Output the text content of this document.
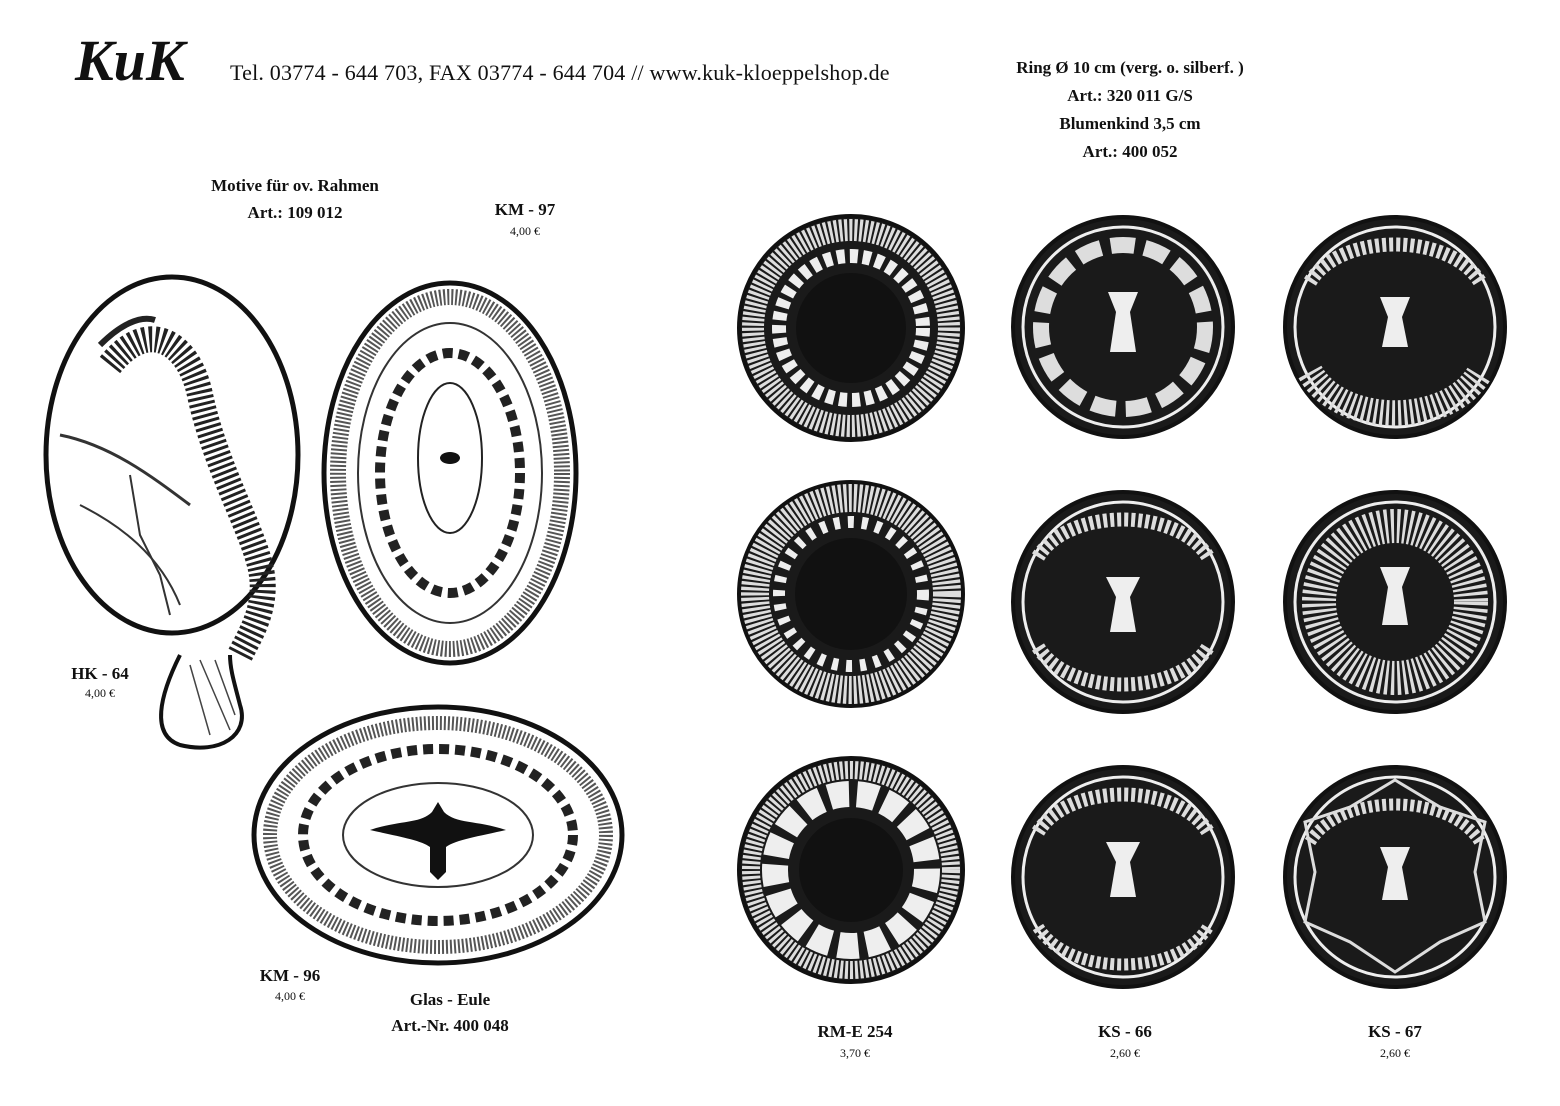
KuK Tel. 03774 - 644 703, FAX 03774 - 644 704 // www.kuk-kloeppelshop.de	Ring Ø 10 cm (verg. o. silberf. )
Art.: 320 011 G/S
Blumenkind 3,5 cm
Art.: 400 052
Motive für ov. Rahmen
Art.: 109 012	KM - 97
4,00 €
HK - 64
4,00 €
KM - 96
4,00 €	Glas - Eule
Art.-Nr. 400 048	RM-E 254
3,70 €
KS - 66
2,60 €
KS - 67
2,60 €
